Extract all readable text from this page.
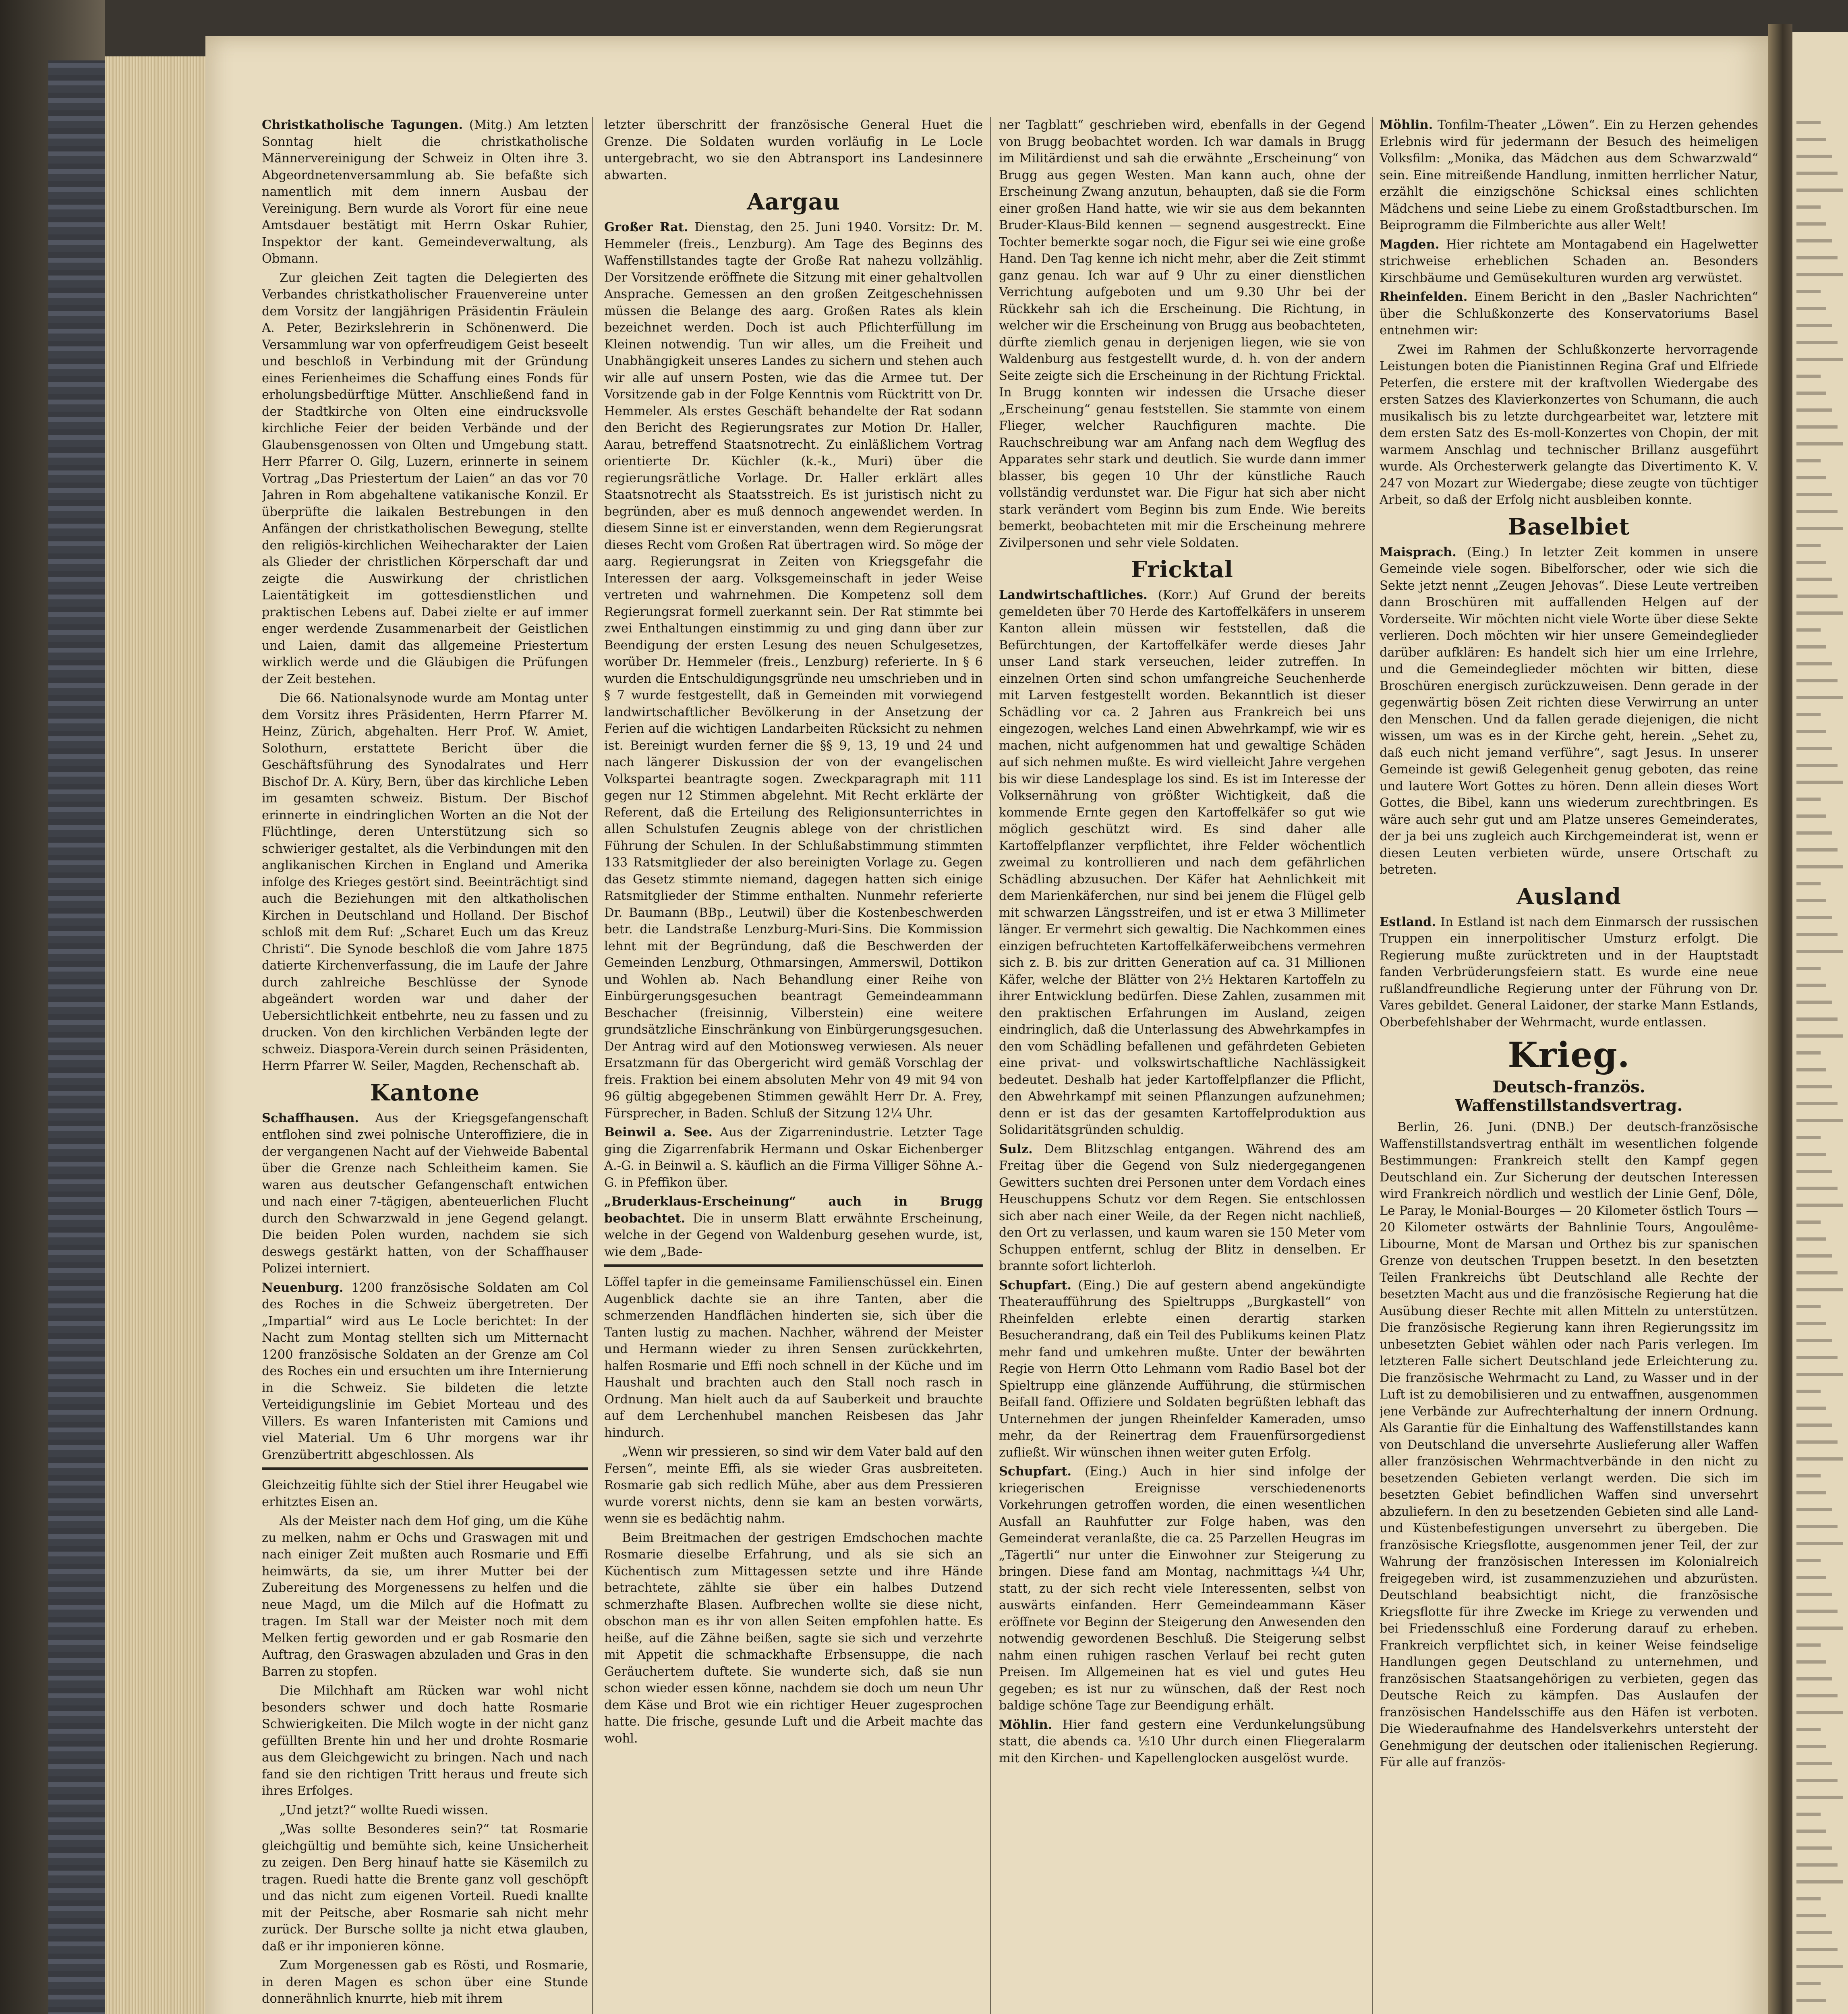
Christkatholische Tagungen. (Mitg.) Am letzten Sonntag hielt die christkatholische Männervereinigung der Schweiz in Olten ihre 3. Abgeordnetenversammlung ab. Sie befaßte sich namentlich mit dem innern Ausbau der Vereinigung. Bern wurde als Vorort für eine neue Amtsdauer bestätigt mit Herrn Oskar Ruhier, Inspektor der kant. Gemeindeverwaltung, als Obmann.

Zur gleichen Zeit tagten die Delegierten des Verbandes christkatholischer Frauenvereine unter dem Vorsitz der langjährigen Präsidentin Fräulein A. Peter, Bezirkslehrerin in Schönenwerd. Die Versammlung war von opferfreudigem Geist beseelt und beschloß in Verbindung mit der Gründung eines Ferienheimes die Schaffung eines Fonds für erholungsbedürftige Mütter. Anschließend fand in der Stadtkirche von Olten eine eindrucksvolle kirchliche Feier der beiden Verbände und der Glaubensgenossen von Olten und Umgebung statt. Herr Pfarrer O. Gilg, Luzern, erinnerte in seinem Vortrag „Das Priestertum der Laien“ an das vor 70 Jahren in Rom abgehaltene vatikanische Konzil. Er überprüfte die laikalen Bestrebungen in den Anfängen der christkatholischen Bewegung, stellte den religiös-kirchlichen Weihecharakter der Laien als Glieder der christlichen Körperschaft dar und zeigte die Auswirkung der christlichen Laientätigkeit im gottesdienstlichen und praktischen Lebens auf. Dabei zielte er auf immer enger werdende Zusammenarbeit der Geistlichen und Laien, damit das allgemeine Priestertum wirklich werde und die Gläubigen die Prüfungen der Zeit bestehen.

Die 66. Nationalsynode wurde am Montag unter dem Vorsitz ihres Präsidenten, Herrn Pfarrer M. Heinz, Zürich, abgehalten. Herr Prof. W. Amiet, Solothurn, erstattete Bericht über die Geschäftsführung des Synodalrates und Herr Bischof Dr. A. Küry, Bern, über das kirchliche Leben im gesamten schweiz. Bistum. Der Bischof erinnerte in eindringlichen Worten an die Not der Flüchtlinge, deren Unterstützung sich so schwieriger gestaltet, als die Verbindungen mit den anglikanischen Kirchen in England und Amerika infolge des Krieges gestört sind. Beeinträchtigt sind auch die Beziehungen mit den altkatholischen Kirchen in Deutschland und Holland. Der Bischof schloß mit dem Ruf: „Scharet Euch um das Kreuz Christi“. Die Synode beschloß die vom Jahre 1875 datierte Kirchenverfassung, die im Laufe der Jahre durch zahlreiche Beschlüsse der Synode abgeändert worden war und daher der Uebersichtlichkeit entbehrte, neu zu fassen und zu drucken. Von den kirchlichen Verbänden legte der schweiz. Diaspora-Verein durch seinen Präsidenten, Herrn Pfarrer W. Seiler, Magden, Rechenschaft ab.

Kantone

Schaffhausen. Aus der Kriegsgefangenschaft entflohen sind zwei polnische Unteroffiziere, die in der vergangenen Nacht auf der Viehweide Babental über die Grenze nach Schleitheim kamen. Sie waren aus deutscher Gefangenschaft entwichen und nach einer 7-tägigen, abenteuerlichen Flucht durch den Schwarzwald in jene Gegend gelangt. Die beiden Polen wurden, nachdem sie sich deswegs gestärkt hatten, von der Schaffhauser Polizei interniert.

Neuenburg. 1200 französische Soldaten am Col des Roches in die Schweiz übergetreten. Der „Impartial“ wird aus Le Locle berichtet: In der Nacht zum Montag stellten sich um Mitternacht 1200 französische Soldaten an der Grenze am Col des Roches ein und ersuchten um ihre Internierung in die Schweiz. Sie bildeten die letzte Verteidigungslinie im Gebiet Morteau und des Villers. Es waren Infanteristen mit Camions und viel Material. Um 6 Uhr morgens war ihr Grenzübertritt abgeschlossen. Als

Gleichzeitig fühlte sich der Stiel ihrer Heugabel wie erhitztes Eisen an.

Als der Meister nach dem Hof ging, um die Kühe zu melken, nahm er Ochs und Graswagen mit und nach einiger Zeit mußten auch Rosmarie und Effi heimwärts, da sie, um ihrer Mutter bei der Zubereitung des Morgenessens zu helfen und die neue Magd, um die Milch auf die Hofmatt zu tragen. Im Stall war der Meister noch mit dem Melken fertig geworden und er gab Rosmarie den Auftrag, den Graswagen abzuladen und Gras in den Barren zu stopfen.

Die Milchhaft am Rücken war wohl nicht besonders schwer und doch hatte Rosmarie Schwierigkeiten. Die Milch wogte in der nicht ganz gefüllten Brente hin und her und drohte Rosmarie aus dem Gleichgewicht zu bringen. Nach und nach fand sie den richtigen Tritt heraus und freute sich ihres Erfolges.

„Und jetzt?“ wollte Ruedi wissen.

„Was sollte Besonderes sein?“ tat Rosmarie gleichgültig und bemühte sich, keine Unsicherheit zu zeigen. Den Berg hinauf hatte sie Käsemilch zu tragen. Ruedi hatte die Brente ganz voll geschöpft und das nicht zum eigenen Vorteil. Ruedi knallte mit der Peitsche, aber Rosmarie sah nicht mehr zurück. Der Bursche sollte ja nicht etwa glauben, daß er ihr imponieren könne.

Zum Morgenessen gab es Rösti, und Rosmarie, in deren Magen es schon über eine Stunde donnerähnlich knurrte, hieb mit ihrem

letzter überschritt der französische General Huet die Grenze. Die Soldaten wurden vorläufig in Le Locle untergebracht, wo sie den Abtransport ins Landesinnere abwarten.

Aargau

Großer Rat. Dienstag, den 25. Juni 1940. Vorsitz: Dr. M. Hemmeler (freis., Lenzburg). Am Tage des Beginns des Waffenstillstandes tagte der Große Rat nahezu vollzählig. Der Vorsitzende eröffnete die Sitzung mit einer gehaltvollen Ansprache. Gemessen an den großen Zeitgeschehnissen müssen die Belange des aarg. Großen Rates als klein bezeichnet werden. Doch ist auch Pflichterfüllung im Kleinen notwendig. Tun wir alles, um die Freiheit und Unabhängigkeit unseres Landes zu sichern und stehen auch wir alle auf unsern Posten, wie das die Armee tut. Der Vorsitzende gab in der Folge Kenntnis vom Rücktritt von Dr. Hemmeler. Als erstes Geschäft behandelte der Rat sodann den Bericht des Regierungsrates zur Motion Dr. Haller, Aarau, betreffend Staatsnotrecht. Zu einläßlichem Vortrag orientierte Dr. Küchler (k.-k., Muri) über die regierungsrätliche Vorlage. Dr. Haller erklärt alles Staatsnotrecht als Staatsstreich. Es ist juristisch nicht zu begründen, aber es muß dennoch angewendet werden. In diesem Sinne ist er einverstanden, wenn dem Regierungsrat dieses Recht vom Großen Rat übertragen wird. So möge der aarg. Regierungsrat in Zeiten von Kriegsgefahr die Interessen der aarg. Volksgemeinschaft in jeder Weise vertreten und wahrnehmen. Die Kompetenz soll dem Regierungsrat formell zuerkannt sein. Der Rat stimmte bei zwei Enthaltungen einstimmig zu und ging dann über zur Beendigung der ersten Lesung des neuen Schulgesetzes, worüber Dr. Hemmeler (freis., Lenzburg) referierte. In § 6 wurden die Entschuldigungsgründe neu umschrieben und in § 7 wurde festgestellt, daß in Gemeinden mit vorwiegend landwirtschaftlicher Bevölkerung in der Ansetzung der Ferien auf die wichtigen Landarbeiten Rücksicht zu nehmen ist. Bereinigt wurden ferner die §§ 9, 13, 19 und 24 und nach längerer Diskussion der von der evangelischen Volkspartei beantragte sogen. Zweckparagraph mit 111 gegen nur 12 Stimmen abgelehnt. Mit Recht erklärte der Referent, daß die Erteilung des Religionsunterrichtes in allen Schulstufen Zeugnis ablege von der christlichen Führung der Schulen. In der Schlußabstimmung stimmten 133 Ratsmitglieder der also bereinigten Vorlage zu. Gegen das Gesetz stimmte niemand, dagegen hatten sich einige Ratsmitglieder der Stimme enthalten. Nunmehr referierte Dr. Baumann (BBp., Leutwil) über die Kostenbeschwerden betr. die Landstraße Lenzburg-Muri-Sins. Die Kommission lehnt mit der Begründung, daß die Beschwerden der Gemeinden Lenzburg, Othmarsingen, Ammerswil, Dottikon und Wohlen ab. Nach Behandlung einer Reihe von Einbürgerungsgesuchen beantragt Gemeindeammann Beschacher (freisinnig, Vilberstein) eine weitere grundsätzliche Einschränkung von Einbürgerungsgesuchen. Der Antrag wird auf den Motionsweg verwiesen. Als neuer Ersatzmann für das Obergericht wird gemäß Vorschlag der freis. Fraktion bei einem absoluten Mehr von 49 mit 94 von 96 gültig abgegebenen Stimmen gewählt Herr Dr. A. Frey, Fürsprecher, in Baden. Schluß der Sitzung 12¼ Uhr.

Beinwil a. See. Aus der Zigarrenindustrie. Letzter Tage ging die Zigarrenfabrik Hermann und Oskar Eichenberger A.-G. in Beinwil a. S. käuflich an die Firma Villiger Söhne A.-G. in Pfeffikon über.

„Bruderklaus-Erscheinung“ auch in Brugg beobachtet. Die in unserm Blatt erwähnte Erscheinung, welche in der Gegend von Waldenburg gesehen wurde, ist, wie dem „Bade-

Löffel tapfer in die gemeinsame Familienschüssel ein. Einen Augenblick dachte sie an ihre Tanten, aber die schmerzenden Handflächen hinderten sie, sich über die Tanten lustig zu machen. Nachher, während der Meister und Hermann wieder zu ihren Sensen zurückkehrten, halfen Rosmarie und Effi noch schnell in der Küche und im Haushalt und brachten auch den Stall noch rasch in Ordnung. Man hielt auch da auf Sauberkeit und brauchte auf dem Lerchenhubel manchen Reisbesen das Jahr hindurch.

„Wenn wir pressieren, so sind wir dem Vater bald auf den Fersen“, meinte Effi, als sie wieder Gras ausbreiteten. Rosmarie gab sich redlich Mühe, aber aus dem Pressieren wurde vorerst nichts, denn sie kam an besten vorwärts, wenn sie es bedächtig nahm.

Beim Breitmachen der gestrigen Emdschochen machte Rosmarie dieselbe Erfahrung, und als sie sich an Küchentisch zum Mittagessen setzte und ihre Hände betrachtete, zählte sie über ein halbes Dutzend schmerzhafte Blasen. Aufbrechen wollte sie diese nicht, obschon man es ihr von allen Seiten empfohlen hatte. Es heiße, auf die Zähne beißen, sagte sie sich und verzehrte mit Appetit die schmackhafte Erbsensuppe, die nach Geräuchertem duftete. Sie wunderte sich, daß sie nun schon wieder essen könne, nachdem sie doch um neun Uhr dem Käse und Brot wie ein richtiger Heuer zugesprochen hatte. Die frische, gesunde Luft und die Arbeit machte das wohl.

ner Tagblatt“ geschrieben wird, ebenfalls in der Gegend von Brugg beobachtet worden. Ich war damals in Brugg im Militärdienst und sah die erwähnte „Erscheinung“ von Brugg aus gegen Westen. Man kann auch, ohne der Erscheinung Zwang anzutun, behaupten, daß sie die Form einer großen Hand hatte, wie wir sie aus dem bekannten Bruder-Klaus-Bild kennen — segnend ausgestreckt. Eine Tochter bemerkte sogar noch, die Figur sei wie eine große Hand. Den Tag kenne ich nicht mehr, aber die Zeit stimmt ganz genau. Ich war auf 9 Uhr zu einer dienstlichen Verrichtung aufgeboten und um 9.30 Uhr bei der Rückkehr sah ich die Erscheinung. Die Richtung, in welcher wir die Erscheinung von Brugg aus beobachteten, dürfte ziemlich genau in derjenigen liegen, wie sie von Waldenburg aus festgestellt wurde, d. h. von der andern Seite zeigte sich die Erscheinung in der Richtung Fricktal. In Brugg konnten wir indessen die Ursache dieser „Erscheinung“ genau feststellen. Sie stammte von einem Flieger, welcher Rauchfiguren machte. Die Rauchschreibung war am Anfang nach dem Wegflug des Apparates sehr stark und deutlich. Sie wurde dann immer blasser, bis gegen 10 Uhr der künstliche Rauch vollständig verdunstet war. Die Figur hat sich aber nicht stark verändert vom Beginn bis zum Ende. Wie bereits bemerkt, beobachteten mit mir die Erscheinung mehrere Zivilpersonen und sehr viele Soldaten.

Fricktal

Landwirtschaftliches. (Korr.) Auf Grund der bereits gemeldeten über 70 Herde des Kartoffelkäfers in unserem Kanton allein müssen wir feststellen, daß die Befürchtungen, der Kartoffelkäfer werde dieses Jahr unser Land stark verseuchen, leider zutreffen. In einzelnen Orten sind schon umfangreiche Seuchenherde mit Larven festgestellt worden. Bekanntlich ist dieser Schädling vor ca. 2 Jahren aus Frankreich bei uns eingezogen, welches Land einen Abwehrkampf, wie wir es machen, nicht aufgenommen hat und gewaltige Schäden auf sich nehmen mußte. Es wird vielleicht Jahre vergehen bis wir diese Landesplage los sind. Es ist im Interesse der Volksernährung von größter Wichtigkeit, daß die kommende Ernte gegen den Kartoffelkäfer so gut wie möglich geschützt wird. Es sind daher alle Kartoffelpflanzer verpflichtet, ihre Felder wöchentlich zweimal zu kontrollieren und nach dem gefährlichen Schädling abzusuchen. Der Käfer hat Aehnlichkeit mit dem Marienkäferchen, nur sind bei jenem die Flügel gelb mit schwarzen Längsstreifen, und ist er etwa 3 Millimeter länger. Er vermehrt sich gewaltig. Die Nachkommen eines einzigen befruchteten Kartoffelkäferweibchens vermehren sich z. B. bis zur dritten Generation auf ca. 31 Millionen Käfer, welche der Blätter von 2½ Hektaren Kartoffeln zu ihrer Entwicklung bedürfen. Diese Zahlen, zusammen mit den praktischen Erfahrungen im Ausland, zeigen eindringlich, daß die Unterlassung des Abwehrkampfes in den vom Schädling befallenen und gefährdeten Gebieten eine privat- und volkswirtschaftliche Nachlässigkeit bedeutet. Deshalb hat jeder Kartoffelpflanzer die Pflicht, den Abwehrkampf mit seinen Pflanzungen aufzunehmen; denn er ist das der gesamten Kartoffelproduktion aus Solidaritätsgründen schuldig.

Sulz. Dem Blitzschlag entgangen. Während des am Freitag über die Gegend von Sulz niedergegangenen Gewitters suchten drei Personen unter dem Vordach eines Heuschuppens Schutz vor dem Regen. Sie entschlossen sich aber nach einer Weile, da der Regen nicht nachließ, den Ort zu verlassen, und kaum waren sie 150 Meter vom Schuppen entfernt, schlug der Blitz in denselben. Er brannte sofort lichterloh.

Schupfart. (Eing.) Die auf gestern abend angekündigte Theateraufführung des Spieltrupps „Burgkastell“ von Rheinfelden erlebte einen derartig starken Besucherandrang, daß ein Teil des Publikums keinen Platz mehr fand und umkehren mußte. Unter der bewährten Regie von Herrn Otto Lehmann vom Radio Basel bot der Spieltrupp eine glänzende Aufführung, die stürmischen Beifall fand. Offiziere und Soldaten begrüßten lebhaft das Unternehmen der jungen Rheinfelder Kameraden, umso mehr, da der Reinertrag dem Frauenfürsorgedienst zufließt. Wir wünschen ihnen weiter guten Erfolg.

Schupfart. (Eing.) Auch in hier sind infolge der kriegerischen Ereignisse verschiedenenorts Vorkehrungen getroffen worden, die einen wesentlichen Ausfall an Rauhfutter zur Folge haben, was den Gemeinderat veranlaßte, die ca. 25 Parzellen Heugras im „Tägertli“ nur unter die Einwohner zur Steigerung zu bringen. Diese fand am Montag, nachmittags ¼4 Uhr, statt, zu der sich recht viele Interessenten, selbst von auswärts einfanden. Herr Gemeindeammann Käser eröffnete vor Beginn der Steigerung den Anwesenden den notwendig gewordenen Beschluß. Die Steigerung selbst nahm einen ruhigen raschen Verlauf bei recht guten Preisen. Im Allgemeinen hat es viel und gutes Heu gegeben; es ist nur zu wünschen, daß der Rest noch baldige schöne Tage zur Beendigung erhält.

Möhlin. Hier fand gestern eine Verdunkelungsübung statt, die abends ca. ½10 Uhr durch einen Fliegeralarm mit den Kirchen- und Kapellenglocken ausgelöst wurde.

Möhlin. Tonfilm-Theater „Löwen“. Ein zu Herzen gehendes Erlebnis wird für jedermann der Besuch des heimeligen Volksfilm: „Monika, das Mädchen aus dem Schwarzwald“ sein. Eine mitreißende Handlung, inmitten herrlicher Natur, erzählt die einzigschöne Schicksal eines schlichten Mädchens und seine Liebe zu einem Großstadtburschen. Im Beiprogramm die Filmberichte aus aller Welt!

Magden. Hier richtete am Montagabend ein Hagelwetter strichweise erheblichen Schaden an. Besonders Kirschbäume und Gemüsekulturen wurden arg verwüstet.

Rheinfelden. Einem Bericht in den „Basler Nachrichten“ über die Schlußkonzerte des Konservatoriums Basel entnehmen wir:

Zwei im Rahmen der Schlußkonzerte hervorragende Leistungen boten die Pianistinnen Regina Graf und Elfriede Peterfen, die erstere mit der kraftvollen Wiedergabe des ersten Satzes des Klavierkonzertes von Schumann, die auch musikalisch bis zu letzte durchgearbeitet war, letztere mit dem ersten Satz des Es-moll-Konzertes von Chopin, der mit warmem Anschlag und technischer Brillanz ausgeführt wurde. Als Orchesterwerk gelangte das Divertimento K. V. 247 von Mozart zur Wiedergabe; diese zeugte von tüchtiger Arbeit, so daß der Erfolg nicht ausbleiben konnte.

Baselbiet

Maisprach. (Eing.) In letzter Zeit kommen in unsere Gemeinde viele sogen. Bibelforscher, oder wie sich die Sekte jetzt nennt „Zeugen Jehovas“. Diese Leute vertreiben dann Broschüren mit auffallenden Helgen auf der Vorderseite. Wir möchten nicht viele Worte über diese Sekte verlieren. Doch möchten wir hier unsere Gemeindeglieder darüber aufklären: Es handelt sich hier um eine Irrlehre, und die Gemeindeglieder möchten wir bitten, diese Broschüren energisch zurückzuweisen. Denn gerade in der gegenwärtig bösen Zeit richten diese Verwirrung an unter den Menschen. Und da fallen gerade diejenigen, die nicht wissen, um was es in der Kirche geht, herein. „Sehet zu, daß euch nicht jemand verführe“, sagt Jesus. In unserer Gemeinde ist gewiß Gelegenheit genug geboten, das reine und lautere Wort Gottes zu hören. Denn allein dieses Wort Gottes, die Bibel, kann uns wiederum zurechtbringen. Es wäre auch sehr gut und am Platze unseres Gemeinderates, der ja bei uns zugleich auch Kirchgemeinderat ist, wenn er diesen Leuten verbieten würde, unsere Ortschaft zu betreten.

Ausland

Estland. In Estland ist nach dem Einmarsch der russischen Truppen ein innerpolitischer Umsturz erfolgt. Die Regierung mußte zurücktreten und in der Hauptstadt fanden Verbrüderungsfeiern statt. Es wurde eine neue rußlandfreundliche Regierung unter der Führung von Dr. Vares gebildet. General Laidoner, der starke Mann Estlands, Oberbefehlshaber der Wehrmacht, wurde entlassen.

Krieg.
Deutsch-französ. Waffenstillstandsvertrag.

Berlin, 26. Juni. (DNB.) Der deutsch-französische Waffenstillstandsvertrag enthält im wesentlichen folgende Bestimmungen: Frankreich stellt den Kampf gegen Deutschland ein. Zur Sicherung der deutschen Interessen wird Frankreich nördlich und westlich der Linie Genf, Dôle, Le Paray, le Monial-Bourges — 20 Kilometer östlich Tours — 20 Kilometer ostwärts der Bahnlinie Tours, Angoulême-Libourne, Mont de Marsan und Orthez bis zur spanischen Grenze von deutschen Truppen besetzt. In den besetzten Teilen Frankreichs übt Deutschland alle Rechte der besetzten Macht aus und die französische Regierung hat die Ausübung dieser Rechte mit allen Mitteln zu unterstützen. Die französische Regierung kann ihren Regierungssitz im unbesetzten Gebiet wählen oder nach Paris verlegen. Im letzteren Falle sichert Deutschland jede Erleichterung zu. Die französische Wehrmacht zu Land, zu Wasser und in der Luft ist zu demobilisieren und zu entwaffnen, ausgenommen jene Verbände zur Aufrechterhaltung der innern Ordnung. Als Garantie für die Einhaltung des Waffenstillstandes kann von Deutschland die unversehrte Auslieferung aller Waffen aller französischen Wehrmachtverbände in den nicht zu besetzenden Gebieten verlangt werden. Die sich im besetzten Gebiet befindlichen Waffen sind unversehrt abzuliefern. In den zu besetzenden Gebieten sind alle Land- und Küstenbefestigungen unversehrt zu übergeben. Die französische Kriegsflotte, ausgenommen jener Teil, der zur Wahrung der französischen Interessen im Kolonialreich freigegeben wird, ist zusammenzuziehen und abzurüsten. Deutschland beabsichtigt nicht, die französische Kriegsflotte für ihre Zwecke im Kriege zu verwenden und bei Friedensschluß eine Forderung darauf zu erheben. Frankreich verpflichtet sich, in keiner Weise feindselige Handlungen gegen Deutschland zu unternehmen, und französischen Staatsangehörigen zu verbieten, gegen das Deutsche Reich zu kämpfen. Das Auslaufen der französischen Handelsschiffe aus den Häfen ist verboten. Die Wiederaufnahme des Handelsverkehrs untersteht der Genehmigung der deutschen oder italienischen Regierung. Für alle auf französ-
